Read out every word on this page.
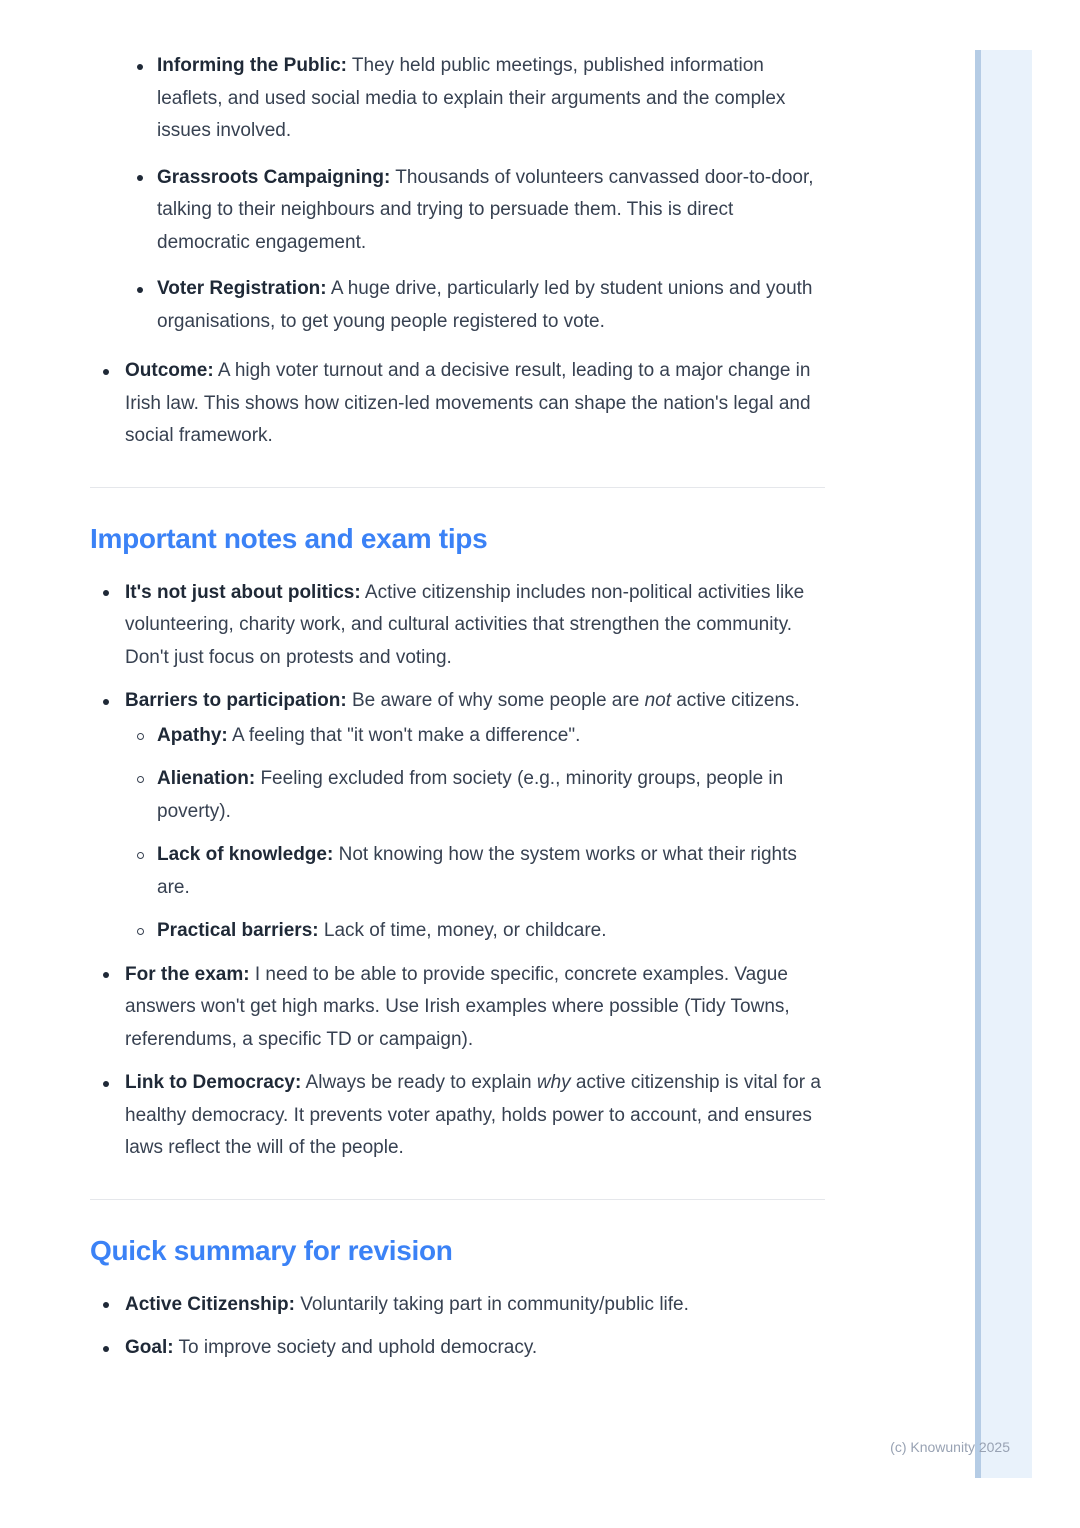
Informing the Public: They held public meetings, published information leaflets, and used social media to explain their arguments and the complex issues involved.
Grassroots Campaigning: Thousands of volunteers canvassed door-to-door, talking to their neighbours and trying to persuade them. This is direct democratic engagement.
Voter Registration: A huge drive, particularly led by student unions and youth organisations, to get young people registered to vote.
Outcome: A high voter turnout and a decisive result, leading to a major change in Irish law. This shows how citizen-led movements can shape the nation's legal and social framework.
Important notes and exam tips
It's not just about politics: Active citizenship includes non-political activities like volunteering, charity work, and cultural activities that strengthen the community. Don't just focus on protests and voting.
Barriers to participation: Be aware of why some people are not active citizens.
Apathy: A feeling that "it won't make a difference".
Alienation: Feeling excluded from society (e.g., minority groups, people in poverty).
Lack of knowledge: Not knowing how the system works or what their rights are.
Practical barriers: Lack of time, money, or childcare.
For the exam: I need to be able to provide specific, concrete examples. Vague answers won't get high marks. Use Irish examples where possible (Tidy Towns, referendums, a specific TD or campaign).
Link to Democracy: Always be ready to explain why active citizenship is vital for a healthy democracy. It prevents voter apathy, holds power to account, and ensures laws reflect the will of the people.
Quick summary for revision
Active Citizenship: Voluntarily taking part in community/public life.
Goal: To improve society and uphold democracy.
(c) Knowunity 2025
